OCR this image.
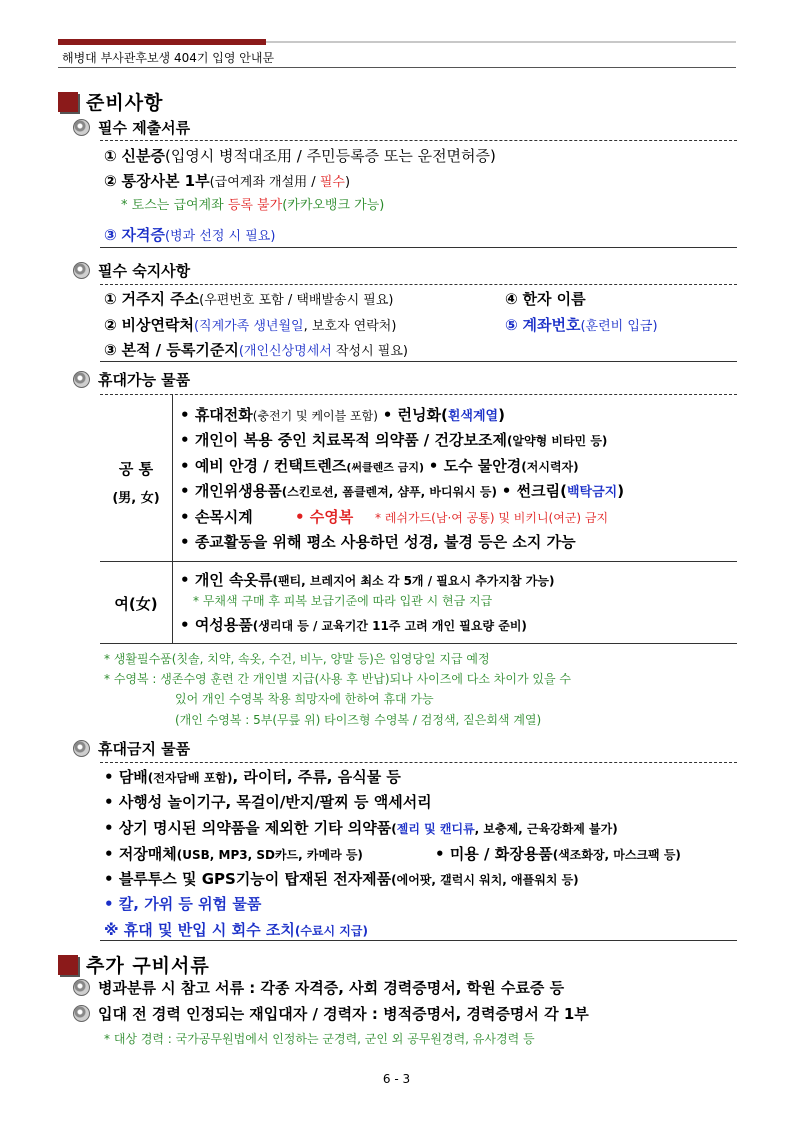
해병대 부사관후보생 404기 입영 안내문
준비사항
필수 제출서류
① 신분증(입영시 병적대조用 / 주민등록증 또는 운전면허증)
② 통장사본 1부(급여계좌 개설用 / 필수)
* 토스는 급여계좌 등록 불가(카카오뱅크 가능)
③ 자격증(병과 선정 시 필요)
필수 숙지사항
① 거주지 주소(우편번호 포함 / 택배발송시 필요)	④ 한자 이름
② 비상연락처(직계가족 생년월일, 보호자 연락처)	⑤ 계좌번호(훈련비 입금)
③ 본적 / 등록기준지(개인신상명세서 작성시 필요)
휴대가능 물품
공 통
(男, 女)
• 휴대전화(충전기 및 케이블 포함) • 런닝화(흰색계열)
• 개인이 복용 중인 치료목적 의약품 / 건강보조제(알약형 비타민 등)
• 예비 안경 / 컨택트렌즈(써클렌즈 금지) • 도수 물안경(저시력자)
• 개인위생용품(스킨로션, 폼클렌져, 샴푸, 바디워시 등) • 썬크림(백탁금지)
• 손목시계	• 수영복 * 레쉬가드(남·여 공통) 및 비키니(여군) 금지
• 종교활동을 위해 평소 사용하던 성경, 불경 등은 소지 가능
여(女)
• 개인 속옷류(팬티, 브레지어 최소 각 5개 / 필요시 추가지참 가능)
* 무채색 구매 후 피복 보급기준에 따라 입관 시 현금 지급
• 여성용품(생리대 등 / 교육기간 11주 고려 개인 필요량 준비)
* 생활필수품(칫솔, 치약, 속옷, 수건, 비누, 양말 등)은 입영당일 지급 예정
* 수영복 : 생존수영 훈련 간 개인별 지급(사용 후 반납)되나 사이즈에 다소 차이가 있을 수
있어 개인 수영복 착용 희망자에 한하여 휴대 가능
(개인 수영복 : 5부(무릎 위) 타이즈형 수영복 / 검정색, 짙은회색 계열)
휴대금지 물품
• 담배(전자담배 포함), 라이터, 주류, 음식물 등
• 사행성 놀이기구, 목걸이/반지/팔찌 등 액세서리
• 상기 명시된 의약품을 제외한 기타 의약품(젤리 및 캔디류, 보충제, 근육강화제 불가)
• 저장매체(USB, MP3, SD카드, 카메라 등)	• 미용 / 화장용품(색조화장, 마스크팩 등)
• 블루투스 및 GPS기능이 탑재된 전자제품(에어팟, 갤럭시 워치, 애플워치 등)
• 칼, 가위 등 위험 물품
※ 휴대 및 반입 시 회수 조치(수료시 지급)
추가 구비서류
병과분류 시 참고 서류 : 각종 자격증, 사회 경력증명서, 학원 수료증 등
입대 전 경력 인정되는 재입대자 / 경력자 : 병적증명서, 경력증명서 각 1부
* 대상 경력 : 국가공무원법에서 인정하는 군경력, 군인 외 공무원경력, 유사경력 등
6 - 3
